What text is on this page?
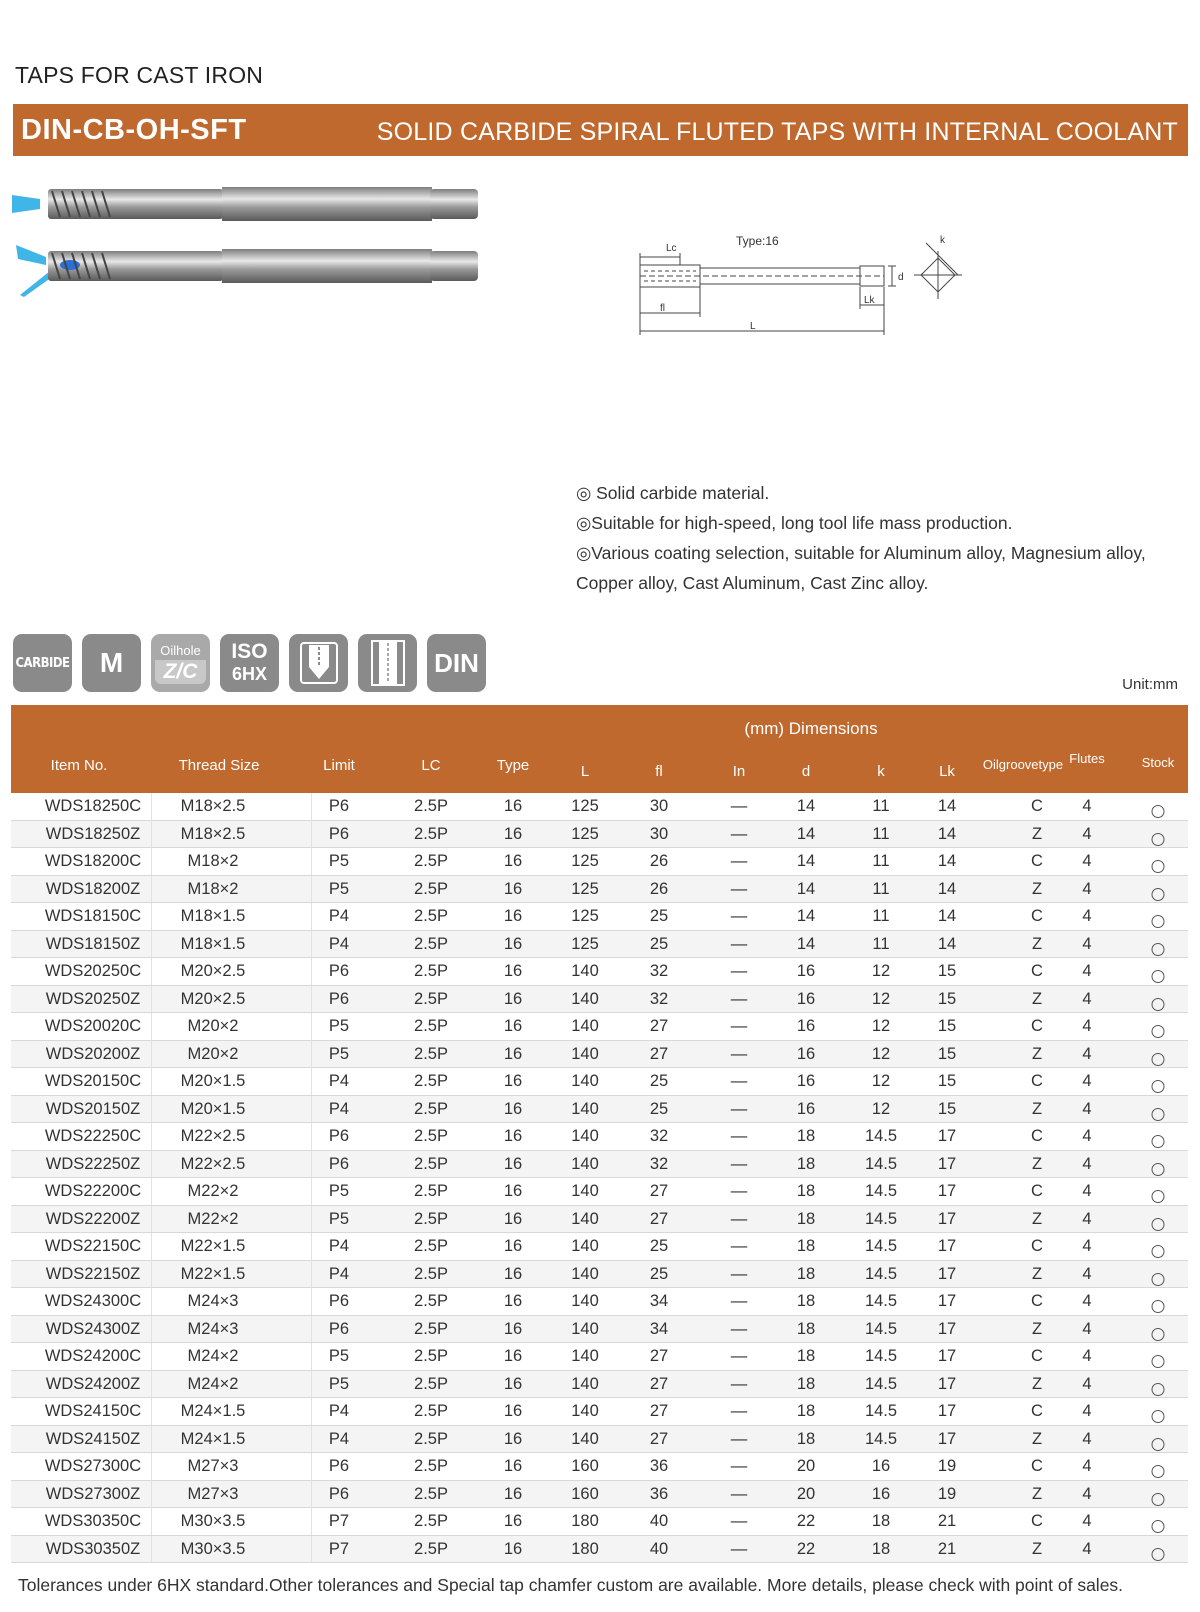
TAPS FOR CAST IRON
DIN-CB-OH-SFT	SOLID CARBIDE SPIRAL FLUTED TAPS WITH INTERNAL COOLANT
Type:16
Lc
fl
L
Lk
d
k
◎ Solid carbide material.
◎Suitable for high-speed, long tool life mass production.
◎Various coating selection, suitable for Aluminum alloy, Magnesium alloy,
Copper alloy, Cast Aluminum, Cast Zinc alloy.
CARBIDE M	Oilhole
Z/C
ISO
6HX	DIN
Unit:mm
(mm) Dimensions
Item No.	Thread Size	Limit	LC	Type	L	fl	In	d	k	Lk Oilgroovetype Flutes	Stock
WDS18250C M18×2.5	P6	2.5P	16	125	30	—	14	11	14	C 4
WDS18250Z M18×2.5	P6	2.5P	16	125	30	—	14	11	14	Z 4
WDS18200C	M18×2	P5	2.5P	16	125	26	—	14	11	14	C 4
WDS18200Z	M18×2	P5	2.5P	16	125	26	—	14	11	14	Z 4
WDS18150C M18×1.5	P4	2.5P	16	125	25	—	14	11	14	C 4
WDS18150Z M18×1.5	P4	2.5P	16	125	25	—	14	11	14	Z 4
WDS20250C M20×2.5	P6	2.5P	16	140	32	—	16	12	15	C 4
WDS20250Z M20×2.5	P6	2.5P	16	140	32	—	16	12	15	Z 4
WDS20020C	M20×2	P5	2.5P	16	140	27	—	16	12	15	C 4
WDS20200Z	M20×2	P5	2.5P	16	140	27	—	16	12	15	Z 4
WDS20150C M20×1.5	P4	2.5P	16	140	25	—	16	12	15	C 4
WDS20150Z M20×1.5	P4	2.5P	16	140	25	—	16	12	15	Z 4
WDS22250C M22×2.5	P6	2.5P	16	140	32	—	18	14.5 17	C 4
WDS22250Z M22×2.5	P6	2.5P	16	140	32	—	18	14.5 17	Z 4
WDS22200C	M22×2	P5	2.5P	16	140	27	—	18	14.5 17	C 4
WDS22200Z	M22×2	P5	2.5P	16	140	27	—	18	14.5 17	Z 4
WDS22150C M22×1.5	P4	2.5P	16	140	25	—	18	14.5 17	C 4
WDS22150Z M22×1.5	P4	2.5P	16	140	25	—	18	14.5 17	Z 4
WDS24300C	M24×3	P6	2.5P	16	140	34	—	18	14.5 17	C 4
WDS24300Z	M24×3	P6	2.5P	16	140	34	—	18	14.5 17	Z 4
WDS24200C	M24×2	P5	2.5P	16	140	27	—	18	14.5 17	C 4
WDS24200Z	M24×2	P5	2.5P	16	140	27	—	18	14.5 17	Z 4
WDS24150C M24×1.5	P4	2.5P	16	140	27	—	18	14.5 17	C 4
WDS24150Z M24×1.5	P4	2.5P	16	140	27	—	18	14.5 17	Z 4
WDS27300C	M27×3	P6	2.5P	16	160	36	—	20	16	19	C 4
WDS27300Z	M27×3	P6	2.5P	16	160	36	—	20	16	19	Z 4
WDS30350C M30×3.5	P7	2.5P	16	180	40	—	22	18	21	C 4
WDS30350Z M30×3.5	P7	2.5P	16	180	40	—	22	18	21	Z 4
Tolerances under 6HX standard.Other tolerances and Special tap chamfer custom are available. More details, please check with point of sales.
